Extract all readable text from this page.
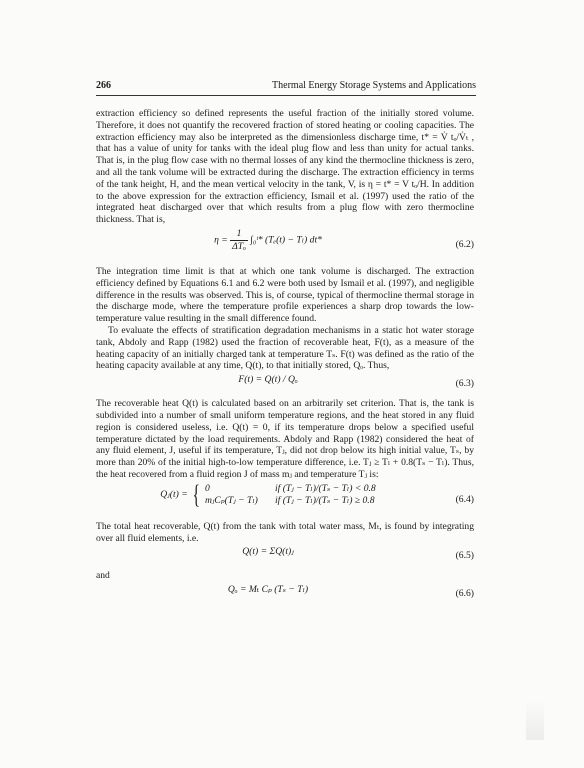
266	Thermal Energy Storage Systems and Applications

extraction efficiency so defined represents the useful fraction of the initially stored volume. Therefore, it does not quantify the recovered fraction of stored heating or cooling capacities. The extraction efficiency may also be interpreted as the dimensionless discharge time, t* = V̇ tₒ/V̇ₜ , that has a value of unity for tanks with the ideal plug flow and less than unity for actual tanks. That is, in the plug flow case with no thermal losses of any kind the thermocline thickness is zero, and all the tank volume will be extracted during the discharge. The extraction efficiency in terms of the tank height, H, and the mean vertical velocity in the tank, V, is η = t* = V tₒ/H. In addition to the above expression for the extraction efficiency, Ismail et al. (1997) used the ratio of the integrated heat discharged over that which results from a plug flow with zero thermocline thickness. That is,

$\eta = \frac{1}{\text{ΔTₒ}}$ ∫₀ᵗ* (Tₑ(t) − Tₗ) dt*	(6.2)

The integration time limit is that at which one tank volume is discharged. The extraction efficiency defined by Equations 6.1 and 6.2 were both used by Ismail et al. (1997), and negligible difference in the results was observed. This is, of course, typical of thermocline thermal storage in the discharge mode, where the temperature profile experiences a sharp drop towards the low-temperature value resulting in the small difference found.

To evaluate the effects of stratification degradation mechanisms in a static hot water storage tank, Abdoly and Rapp (1982) used the fraction of recoverable heat, F(t), as a measure of the heating capacity of an initially charged tank at temperature Tₛ. F(t) was defined as the ratio of the heating capacity available at any time, Q(t), to that initially stored, Qₒ. Thus,

F(t) = Q(t) / Qₒ	(6.3)

The recoverable heat Q(t) is calculated based on an arbitrarily set criterion. That is, the tank is subdivided into a number of small uniform temperature regions, and the heat stored in any fluid region is considered useless, i.e. Q(t) = 0, if its temperature drops below a specified useful temperature dictated by the load requirements. Abdoly and Rapp (1982) considered the heat of any fluid element, J, useful if its temperature, Tⱼ, did not drop below its high initial value, Tₛ, by more than 20% of the initial high-to-low temperature difference, i.e. Tⱼ ≥ Tₗ + 0.8(Tₛ − Tₗ). Thus, the heat recovered from a fluid region J of mass mⱼ and temperature Tⱼ is:

Qⱼ(t) = { 0	if (Tⱼ − Tₗ)/(Tₛ − Tₗ) < 0.8
mⱼCₚ(Tⱼ − Tₗ)	if (Tⱼ − Tₗ)/(Tₛ − Tₗ) ≥ 0.8	(6.4)

The total heat recoverable, Q(t) from the tank with total water mass, Mₜ, is found by integrating over all fluid elements, i.e.

Q(t) = ΣQ(t)ⱼ	(6.5)

and

Qₒ = Mₜ Cₚ (Tₛ − Tₗ)	(6.6)
